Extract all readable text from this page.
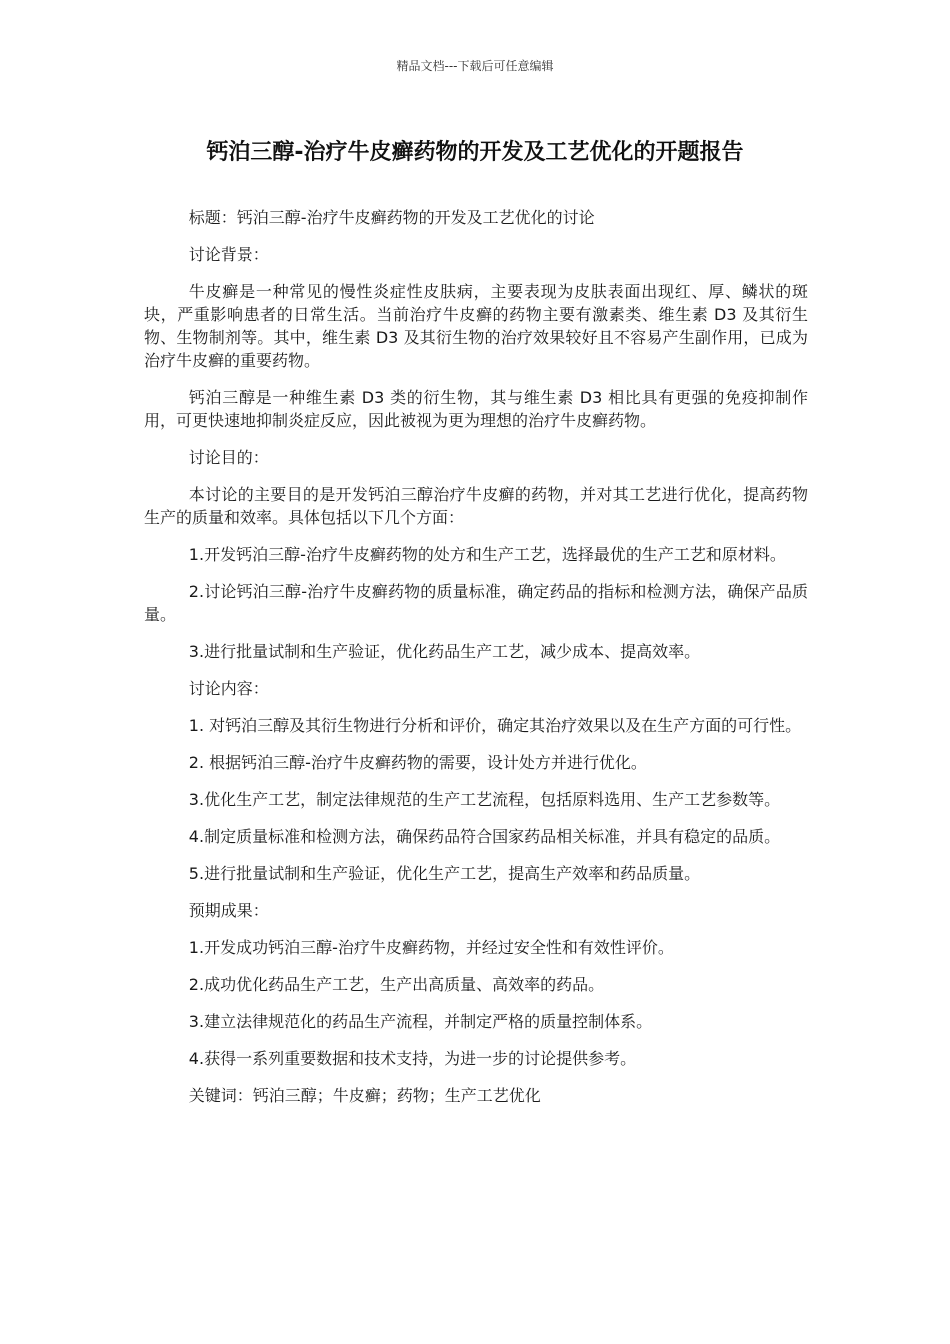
精品文档---下载后可任意编辑
钙泊三醇-治疗牛皮癣药物的开发及工艺优化的开题报告

标题：钙泊三醇-治疗牛皮癣药物的开发及工艺优化的讨论

讨论背景：

牛皮癣是一种常见的慢性炎症性皮肤病，主要表现为皮肤表面出现红、厚、鳞状的斑块，严重影响患者的日常生活。当前治疗牛皮癣的药物主要有激素类、维生素 D3 及其衍生物、生物制剂等。其中，维生素 D3 及其衍生物的治疗效果较好且不容易产生副作用，已成为治疗牛皮癣的重要药物。

钙泊三醇是一种维生素 D3 类的衍生物，其与维生素 D3 相比具有更强的免疫抑制作用，可更快速地抑制炎症反应，因此被视为更为理想的治疗牛皮癣药物。

讨论目的：

本讨论的主要目的是开发钙泊三醇治疗牛皮癣的药物，并对其工艺进行优化，提高药物生产的质量和效率。具体包括以下几个方面：

1.开发钙泊三醇-治疗牛皮癣药物的处方和生产工艺，选择最优的生产工艺和原材料。

2.讨论钙泊三醇-治疗牛皮癣药物的质量标准，确定药品的指标和检测方法，确保产品质量。

3.进行批量试制和生产验证，优化药品生产工艺，减少成本、提高效率。

讨论内容：

1. 对钙泊三醇及其衍生物进行分析和评价，确定其治疗效果以及在生产方面的可行性。

2. 根据钙泊三醇-治疗牛皮癣药物的需要，设计处方并进行优化。

3.优化生产工艺，制定法律规范的生产工艺流程，包括原料选用、生产工艺参数等。

4.制定质量标准和检测方法，确保药品符合国家药品相关标准，并具有稳定的品质。

5.进行批量试制和生产验证，优化生产工艺，提高生产效率和药品质量。

预期成果：

1.开发成功钙泊三醇-治疗牛皮癣药物，并经过安全性和有效性评价。

2.成功优化药品生产工艺，生产出高质量、高效率的药品。

3.建立法律规范化的药品生产流程，并制定严格的质量控制体系。

4.获得一系列重要数据和技术支持，为进一步的讨论提供参考。

关键词：钙泊三醇；牛皮癣；药物；生产工艺优化
